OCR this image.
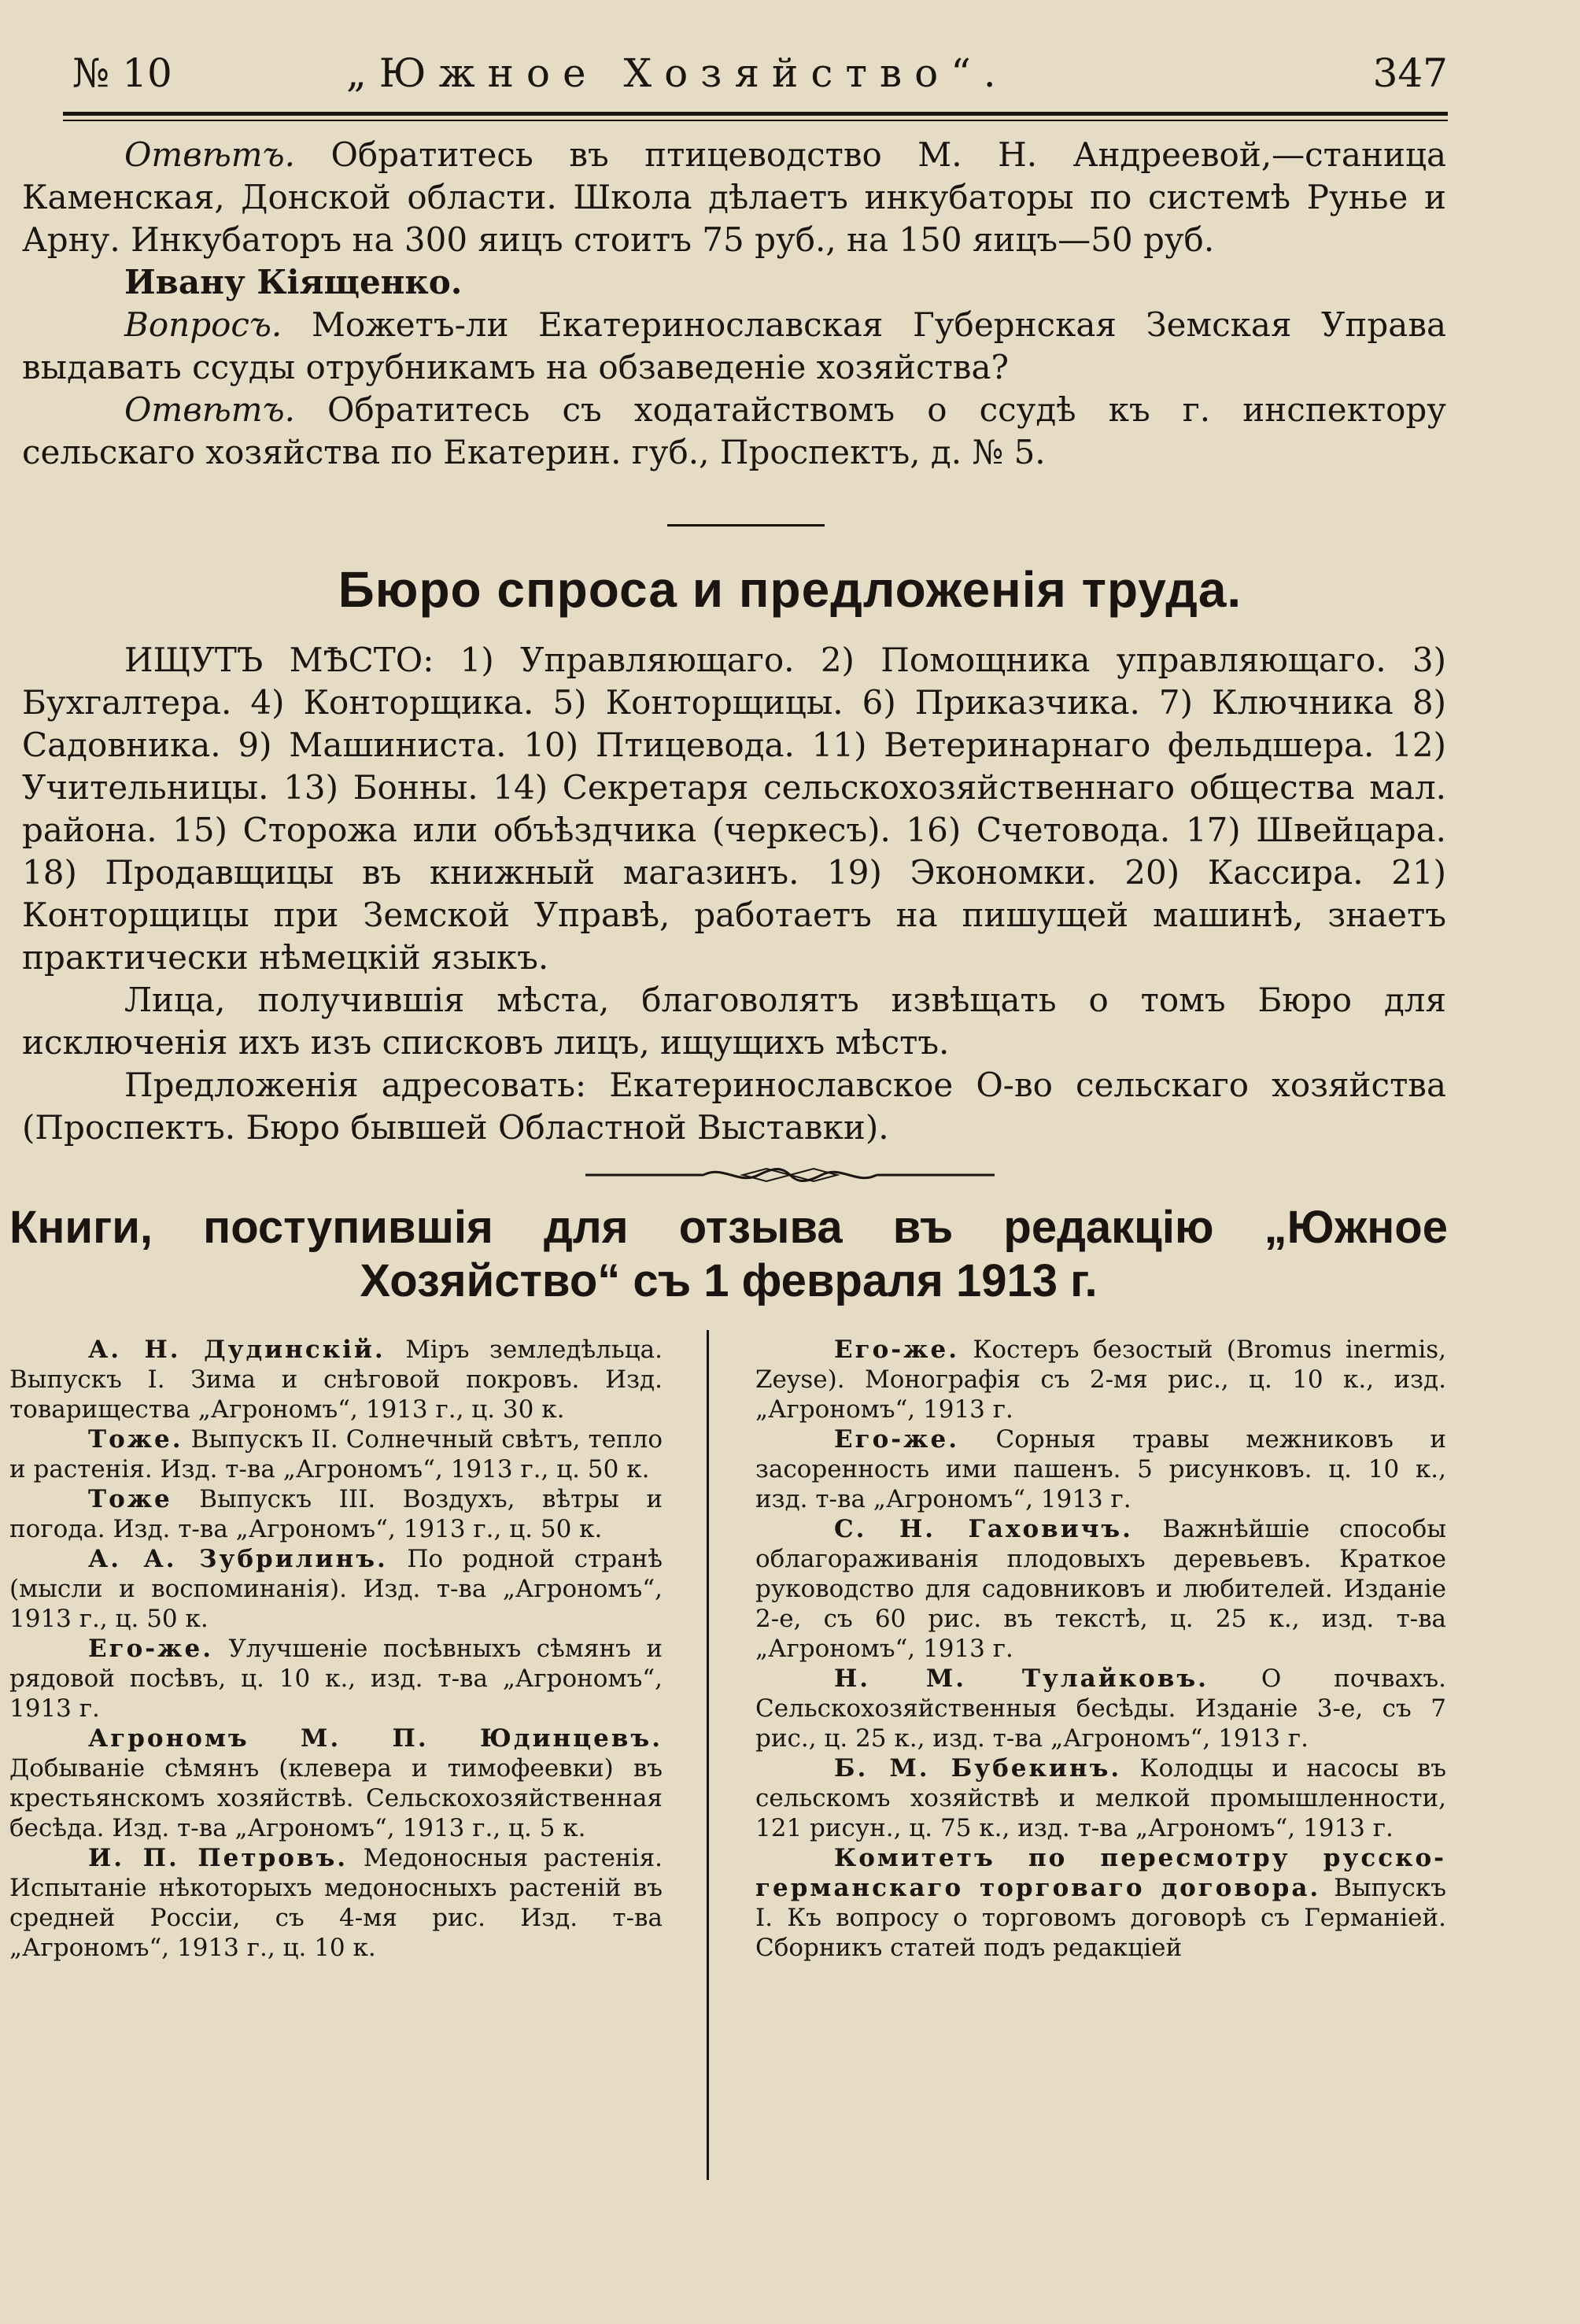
№ 10	„Южное Хозяйство“.	347

Отвѣтъ. Обратитесь въ птицеводство М. Н. Андреевой,—станица Каменская, Донской области. Школа дѣлаетъ инкубаторы по системѣ Руньe и Арну. Инкубаторъ на 300 яицъ стоитъ 75 руб., на 150 яицъ—50 руб.

Ивану Кіященко.

Вопросъ. Можетъ-ли Екатеринославская Губернская Земская Управа выдавать ссуды отрубникамъ на обзаведеніе хозяйства?

Отвѣтъ. Обратитесь съ ходатайствомъ о ссудѣ къ г. инспектору сельскаго хозяйства по Екатерин. губ., Проспектъ, д. № 5.

Бюро спроса и предложенія труда.

ИЩУТЪ МѢСТО: 1) Управляющаго. 2) Помощника управляющаго. 3) Бухгалтера. 4) Конторщика. 5) Конторщицы. 6) Приказчика. 7) Ключника 8) Садовника. 9) Машиниста. 10) Птицевода. 11) Ветеринарнаго фельдшера. 12) Учительницы. 13) Бонны. 14) Секретаря сельскохозяйственнаго общества мал. района. 15) Сторожа или объѣздчика (черкесъ). 16) Счетовода. 17) Швейцара. 18) Продавщицы въ книжный магазинъ. 19) Экономки. 20) Кассира. 21) Конторщицы при Земской Управѣ, работаетъ на пишущей машинѣ, знаетъ практически нѣмецкій языкъ.

Лица, получившія мѣста, благоволятъ извѣщать о томъ Бюро для исключенія ихъ изъ списковъ лицъ, ищущихъ мѣстъ.

Предложенія адресовать: Екатеринославское О-во сельскаго хозяйства (Проспектъ. Бюро бывшей Областной Выставки).

Книги, поступившія для отзыва въ редакцію „Южное
Хозяйство“ съ 1 февраля 1913 г.

А. Н. Дудинскій. Міръ земледѣльца. Выпускъ I. Зима и снѣговой покровъ. Изд. товарищества „Агрономъ“, 1913 г., ц. 30 к.

Тоже. Выпускъ II. Солнечный свѣтъ, тепло и растенія. Изд. т-ва „Агрономъ“, 1913 г., ц. 50 к.

Тоже Выпускъ III. Воздухъ, вѣтры и погода. Изд. т-ва „Агрономъ“, 1913 г., ц. 50 к.

А. А. Зубрилинъ. По родной странѣ (мысли и воспоминанія). Изд. т-ва „Агрономъ“, 1913 г., ц. 50 к.

Его-же. Улучшеніе посѣвныхъ сѣмянъ и рядовой посѣвъ, ц. 10 к., изд. т-ва „Агрономъ“, 1913 г.

Агрономъ М. П. Юдинцевъ. Добываніе сѣмянъ (клевера и тимофеевки) въ крестьянскомъ хозяйствѣ. Сельскохозяйственная бесѣда. Изд. т-ва „Агрономъ“, 1913 г., ц. 5 к.

И. П. Петровъ. Медоносныя растенія. Испытаніе нѣкоторыхъ медоносныхъ растеній въ средней Россіи, съ 4-мя рис. Изд. т-ва „Агрономъ“, 1913 г., ц. 10 к.

Его-же. Костеръ безостый (Bromus inermis, Zeyse). Монографія съ 2-мя рис., ц. 10 к., изд. „Агрономъ“, 1913 г.

Его-же. Сорныя травы межниковъ и засоренность ими пашенъ. 5 рисунковъ. ц. 10 к., изд. т-ва „Агрономъ“, 1913 г.

С. Н. Гаховичъ. Важнѣйшіе способы облагораживанія плодовыхъ деревьевъ. Краткое руководство для садовниковъ и любителей. Изданіе 2-е, съ 60 рис. въ текстѣ, ц. 25 к., изд. т-ва „Агрономъ“, 1913 г.

Н. М. Тулайковъ. О почвахъ. Сельскохозяйственныя бесѣды. Изданіе 3-е, съ 7 рис., ц. 25 к., изд. т-ва „Агрономъ“, 1913 г.

Б. М. Бубекинъ. Колодцы и насосы въ сельскомъ хозяйствѣ и мелкой промышленности, 121 рисун., ц. 75 к., изд. т-ва „Агрономъ“, 1913 г.

Комитетъ по пересмотру русско-германскаго торговаго договора. Выпускъ I. Къ вопросу о торговомъ договорѣ съ Германіей. Сборникъ статей подъ редакціей
